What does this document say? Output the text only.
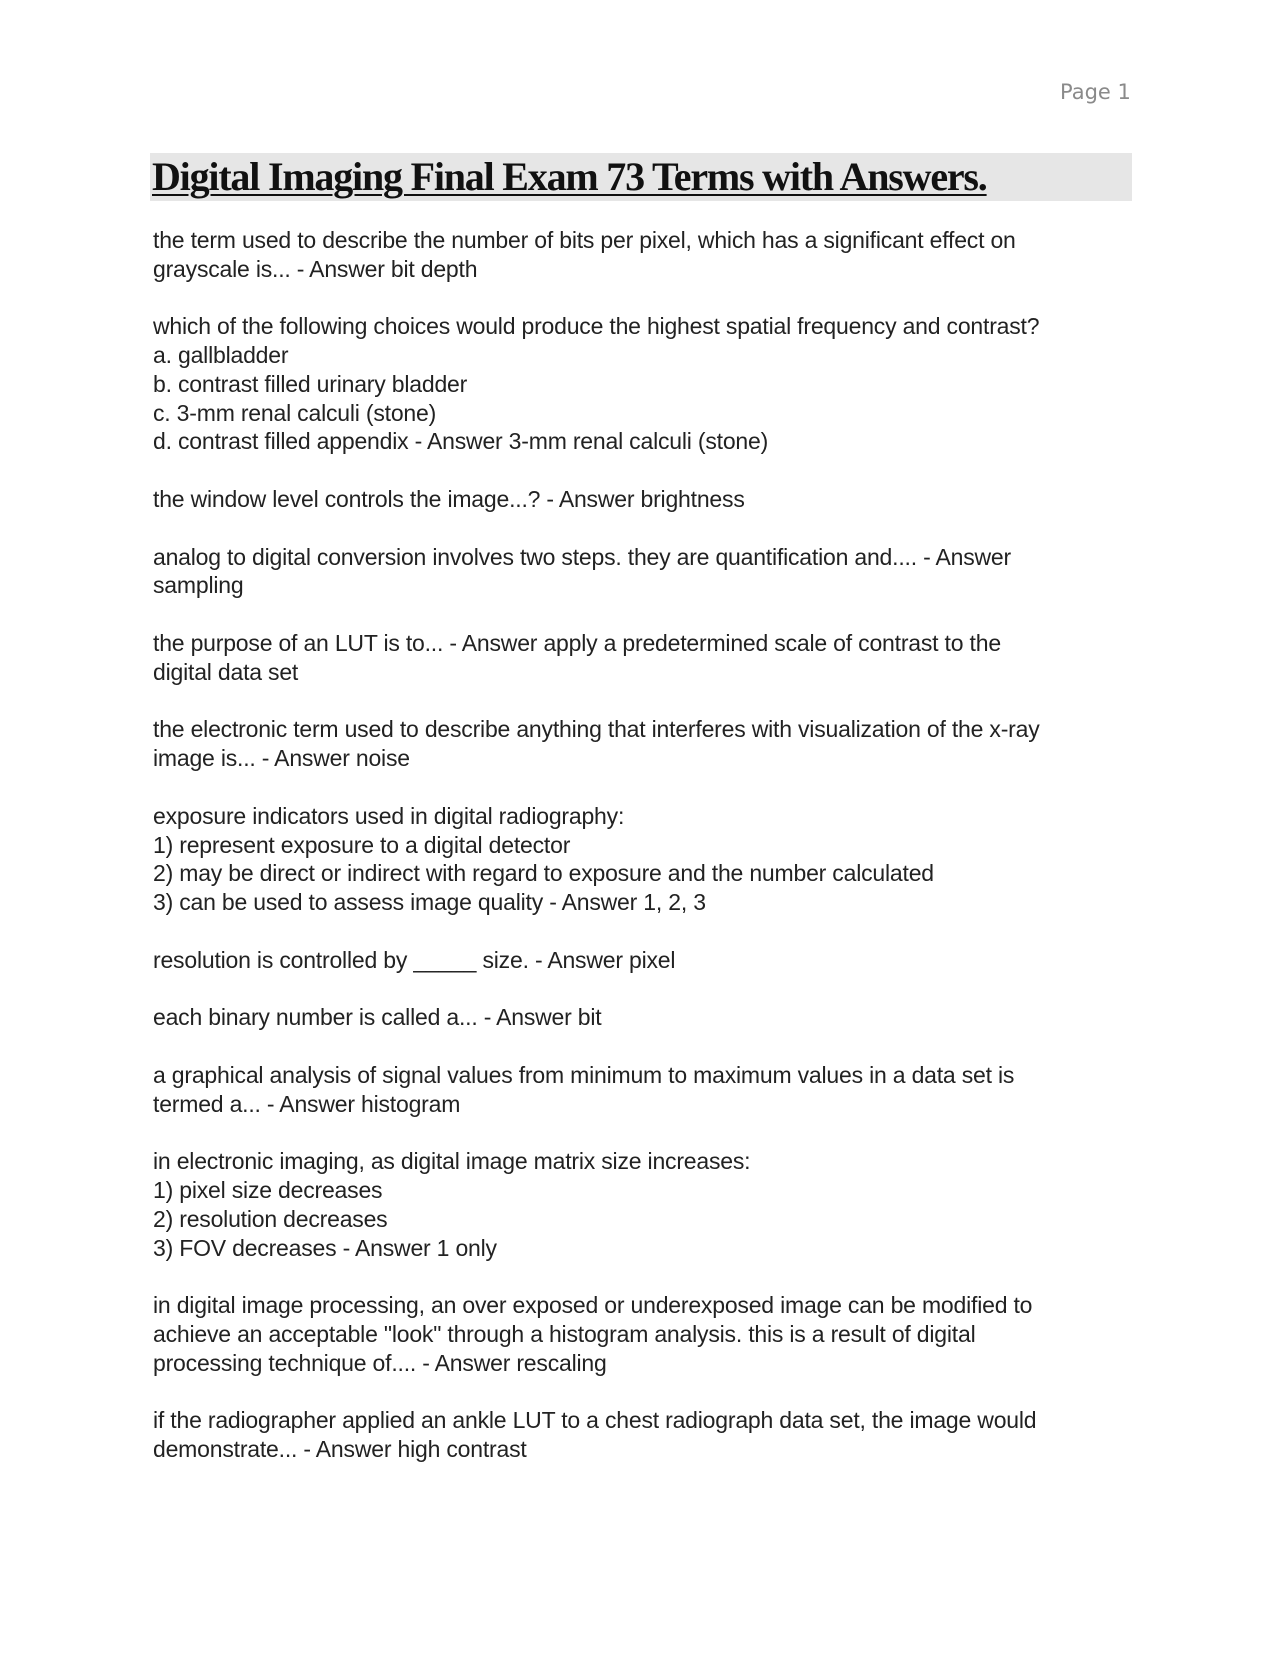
Page 1
Digital Imaging Final Exam 73 Terms with Answers.

the term used to describe the number of bits per pixel, which has a significant effect on
grayscale is... - Answer bit depth

which of the following choices would produce the highest spatial frequency and contrast?
a. gallbladder
b. contrast filled urinary bladder
c. 3-mm renal calculi (stone)
d. contrast filled appendix - Answer 3-mm renal calculi (stone)

the window level controls the image...? - Answer brightness

analog to digital conversion involves two steps. they are quantification and.... - Answer
sampling

the purpose of an LUT is to... - Answer apply a predetermined scale of contrast to the
digital data set

the electronic term used to describe anything that interferes with visualization of the x-ray
image is... - Answer noise

exposure indicators used in digital radiography:
1) represent exposure to a digital detector
2) may be direct or indirect with regard to exposure and the number calculated
3) can be used to assess image quality - Answer 1, 2, 3

resolution is controlled by _____ size. - Answer pixel

each binary number is called a... - Answer bit

a graphical analysis of signal values from minimum to maximum values in a data set is
termed a... - Answer histogram

in electronic imaging, as digital image matrix size increases:
1) pixel size decreases
2) resolution decreases
3) FOV decreases - Answer 1 only

in digital image processing, an over exposed or underexposed image can be modified to
achieve an acceptable "look" through a histogram analysis. this is a result of digital
processing technique of.... - Answer rescaling

if the radiographer applied an ankle LUT to a chest radiograph data set, the image would
demonstrate... - Answer high contrast
